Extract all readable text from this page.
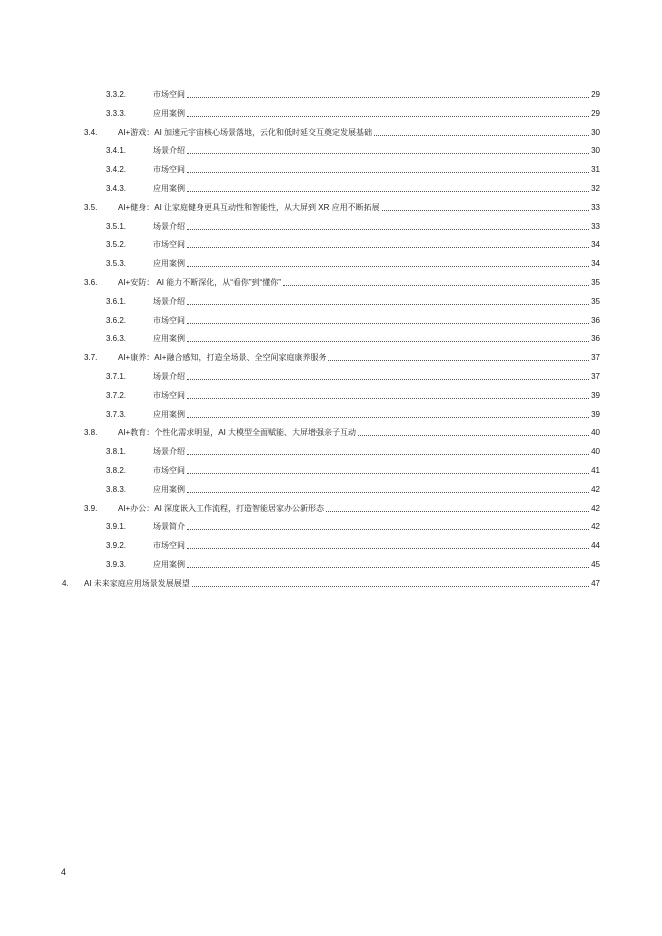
3.3.2.	市场空间	29
3.3.3.	应用案例	29
3.4.	AI+游戏：AI 加速元宇宙核心场景落地，云化和低时延交互奠定发展基础	30
3.4.1.	场景介绍	30
3.4.2.	市场空间	31
3.4.3.	应用案例	32
3.5.	AI+健身：AI 让家庭健身更具互动性和智能性，从大屏到 XR 应用不断拓展	33
3.5.1.	场景介绍	33
3.5.2.	市场空间	34
3.5.3.	应用案例	34
3.6.	AI+安防： AI 能力不断深化，从“看你”到“懂你”	35
3.6.1.	场景介绍	35
3.6.2.	市场空间	36
3.6.3.	应用案例	36
3.7.	AI+康养：AI+融合感知，打造全场景、全空间家庭康养服务	37
3.7.1.	场景介绍	37
3.7.2.	市场空间	39
3.7.3.	应用案例	39
3.8.	AI+教育：个性化需求明显，AI 大模型全面赋能、大屏增强亲子互动	40
3.8.1.	场景介绍	40
3.8.2.	市场空间	41
3.8.3.	应用案例	42
3.9.	AI+办公：AI 深度嵌入工作流程，打造智能居家办公新形态	42
3.9.1.	场景简介	42
3.9.2.	市场空间	44
3.9.3.	应用案例	45
4.	AI 未来家庭应用场景发展展望	47
4
